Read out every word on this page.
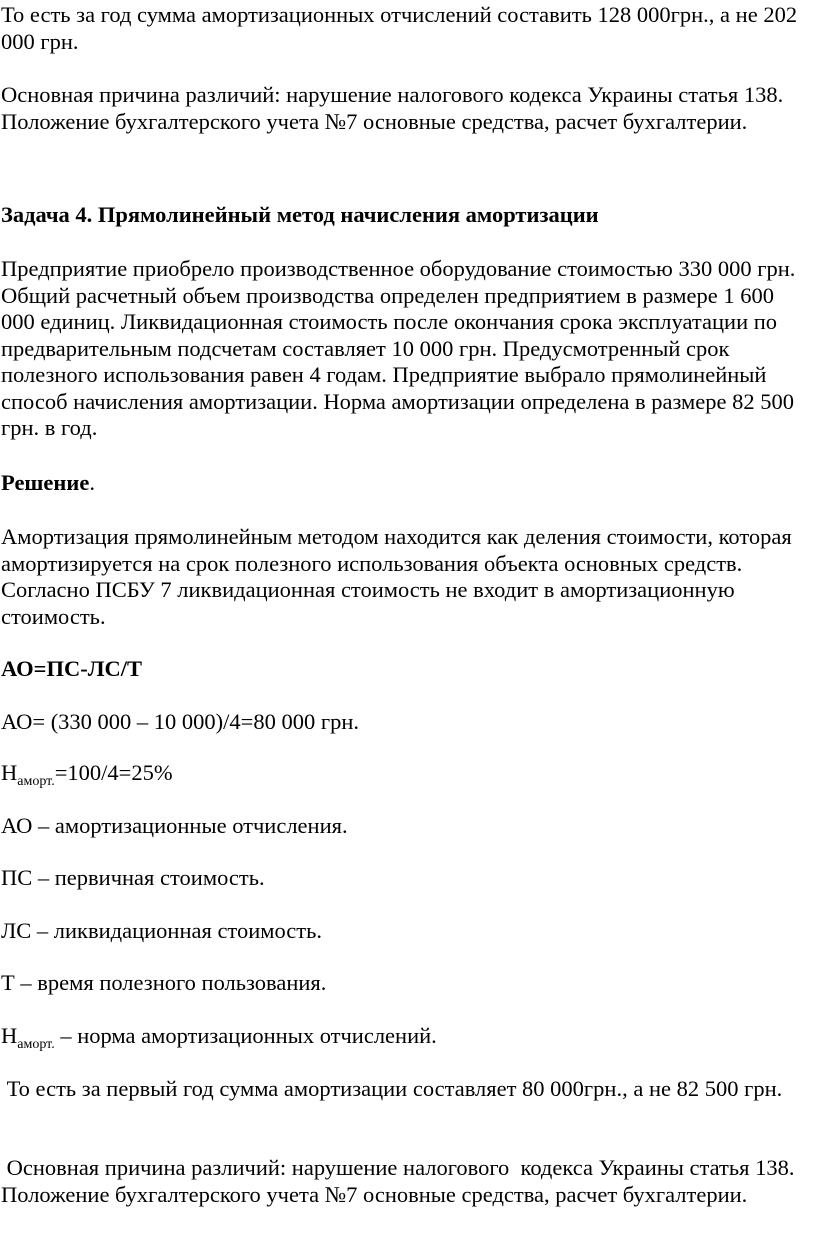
То есть за год сумма амортизационных отчислений составить 128 000грн., а не 202 000 грн.

Основная причина различий: нарушение налогового кодекса Украины статья 138. Положение бухгалтерского учета №7 основные средства, расчет бухгалтерии.

Задача 4. Прямолинейный метод начисления амортизации

Предприятие приобрело производственное оборудование стоимостью 330 000 грн. Общий расчетный объем производства определен предприятием в размере 1 600 000 единиц. Ликвидационная стоимость после окончания срока эксплуатации по предварительным подсчетам составляет 10 000 грн. Предусмотренный срок полезного использования равен 4 годам. Предприятие выбрало прямолинейный способ начисления амортизации. Норма амортизации определена в размере 82 500 грн. в год.

Решение.

Амортизация прямолинейным методом находится как деления стоимости, которая амортизируется на срок полезного использования объекта основных средств. Согласно ПСБУ 7 ликвидационная стоимость не входит в амортизационную стоимость.

АО=ПС-ЛС/Т

АО= (330 000 – 10 000)/4=80 000 грн.

$Н_{аморт.}=100/4=25\%$

АО – амортизационные отчисления.

ПС – первичная стоимость.

ЛС – ликвидационная стоимость.

Т – время полезного пользования.

$Н_{аморт.}$ – норма амортизационных отчислений.

То есть за первый год сумма амортизации составляет 80 000грн., а не 82 500 грн.

Основная причина различий: нарушение налогового  кодекса Украины статья 138. Положение бухгалтерского учета №7 основные средства, расчет бухгалтерии.
